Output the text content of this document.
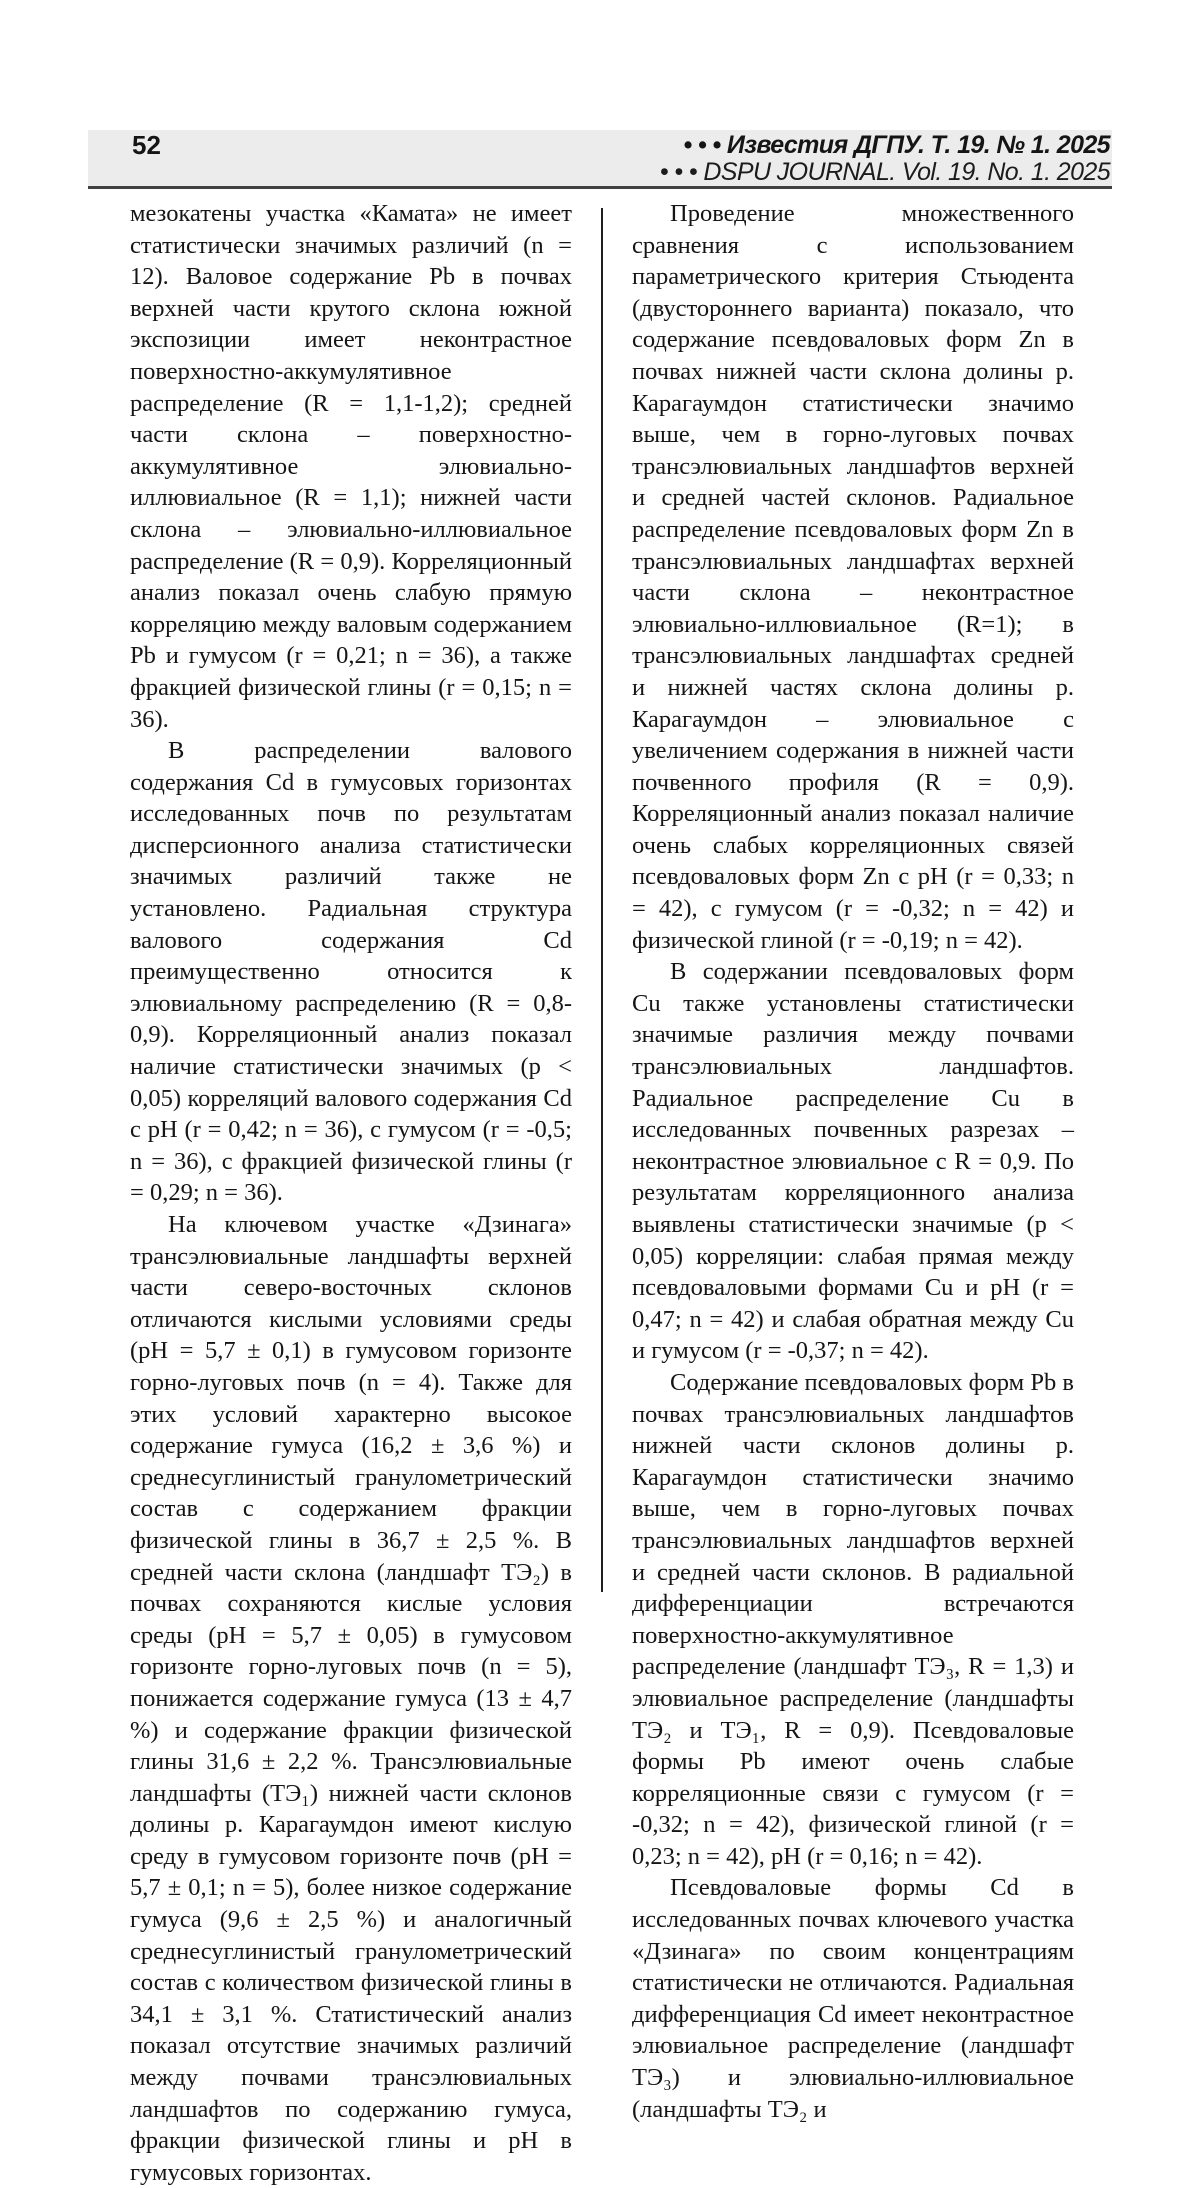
52	• • • Известия ДГПУ. Т. 19. № 1. 2025
• • • DSPU JOURNAL. Vol. 19. No. 1. 2025

мезокатены участка «Камата» не имеет статистически значимых различий (n = 12). Валовое содержание Pb в почвах верхней части крутого склона южной экспозиции имеет неконтрастное поверхностно-аккумулятивное распределение (R = 1,1-1,2); средней части склона – поверхностно-аккумулятивное элювиально-иллювиальное (R = 1,1); нижней части склона – элювиально-иллювиальное распределение (R = 0,9). Корреляционный анализ показал очень слабую прямую корреляцию между валовым содержанием Pb и гумусом (r = 0,21; n = 36), а также фракцией физической глины (r = 0,15; n = 36).

В распределении валового содержания Cd в гумусовых горизонтах исследованных почв по результатам дисперсионного анализа статистически значимых различий также не установлено. Радиальная структура валового содержания Cd преимущественно относится к элювиальному распределению (R = 0,8-0,9). Корреляционный анализ показал наличие статистически значимых (p < 0,05) корреляций валового содержания Cd с pH (r = 0,42; n = 36), с гумусом (r = -0,5; n = 36), с фракцией физической глины (r = 0,29; n = 36).

На ключевом участке «Дзинага» трансэлювиальные ландшафты верхней части северо-восточных склонов отличаются кислыми условиями среды (pH = 5,7 ± 0,1) в гумусовом горизонте горно-луговых почв (n = 4). Также для этих условий характерно высокое содержание гумуса (16,2 ± 3,6 %) и среднесуглинистый гранулометрический состав с содержанием фракции физической глины в 36,7 ± 2,5 %. В средней части склона (ландшафт ТЭ₂) в почвах сохраняются кислые условия среды (pH = 5,7 ± 0,05) в гумусовом горизонте горно-луговых почв (n = 5), понижается содержание гумуса (13 ± 4,7 %) и содержание фракции физической глины 31,6 ± 2,2 %. Трансэлювиальные ландшафты (ТЭ₁) нижней части склонов долины р. Карагаумдон имеют кислую среду в гумусовом горизонте почв (pH = 5,7 ± 0,1; n = 5), более низкое содержание гумуса (9,6 ± 2,5 %) и аналогичный среднесуглинистый гранулометрический состав с количеством физической глины в 34,1 ± 3,1 %. Статистический анализ показал отсутствие значимых различий между почвами трансэлювиальных ландшафтов по содержанию гумуса, фракции физической глины и pH в гумусовых горизонтах.

Проведение множественного сравнения с использованием параметрического критерия Стьюдента (двустороннего варианта) показало, что содержание псевдоваловых форм Zn в почвах нижней части склона долины р. Карагаумдон статистически значимо выше, чем в горно-луговых почвах трансэлювиальных ландшафтов верхней и средней частей склонов. Радиальное распределение псевдоваловых форм Zn в трансэлювиальных ландшафтах верхней части склона – неконтрастное элювиально-иллювиальное (R=1); в трансэлювиальных ландшафтах средней и нижней частях склона долины р. Карагаумдон – элювиальное с увеличением содержания в нижней части почвенного профиля (R = 0,9). Корреляционный анализ показал наличие очень слабых корреляционных связей псевдоваловых форм Zn с pH (r = 0,33; n = 42), с гумусом (r = -0,32; n = 42) и физической глиной (r = -0,19; n = 42).

В содержании псевдоваловых форм Cu также установлены статистически значимые различия между почвами трансэлювиальных ландшафтов. Радиальное распределение Cu в исследованных почвенных разрезах – неконтрастное элювиальное с R = 0,9. По результатам корреляционного анализа выявлены статистически значимые (p < 0,05) корреляции: слабая прямая между псевдоваловыми формами Cu и pH (r = 0,47; n = 42) и слабая обратная между Cu и гумусом (r = -0,37; n = 42).

Содержание псевдоваловых форм Pb в почвах трансэлювиальных ландшафтов нижней части склонов долины р. Карагаумдон статистически значимо выше, чем в горно-луговых почвах трансэлювиальных ландшафтов верхней и средней части склонов. В радиальной дифференциации встречаются поверхностно-аккумулятивное распределение (ландшафт ТЭ₃, R = 1,3) и элювиальное распределение (ландшафты ТЭ₂ и ТЭ₁, R = 0,9). Псевдоваловые формы Pb имеют очень слабые корреляционные связи с гумусом (r = -0,32; n = 42), физической глиной (r = 0,23; n = 42), pH (r = 0,16; n = 42).

Псевдоваловые формы Cd в исследованных почвах ключевого участка «Дзинага» по своим концентрациям статистически не отличаются. Радиальная дифференциация Cd имеет неконтрастное элювиальное распределение (ландшафт ТЭ₃) и элювиально-иллювиальное (ландшафты ТЭ₂ и
